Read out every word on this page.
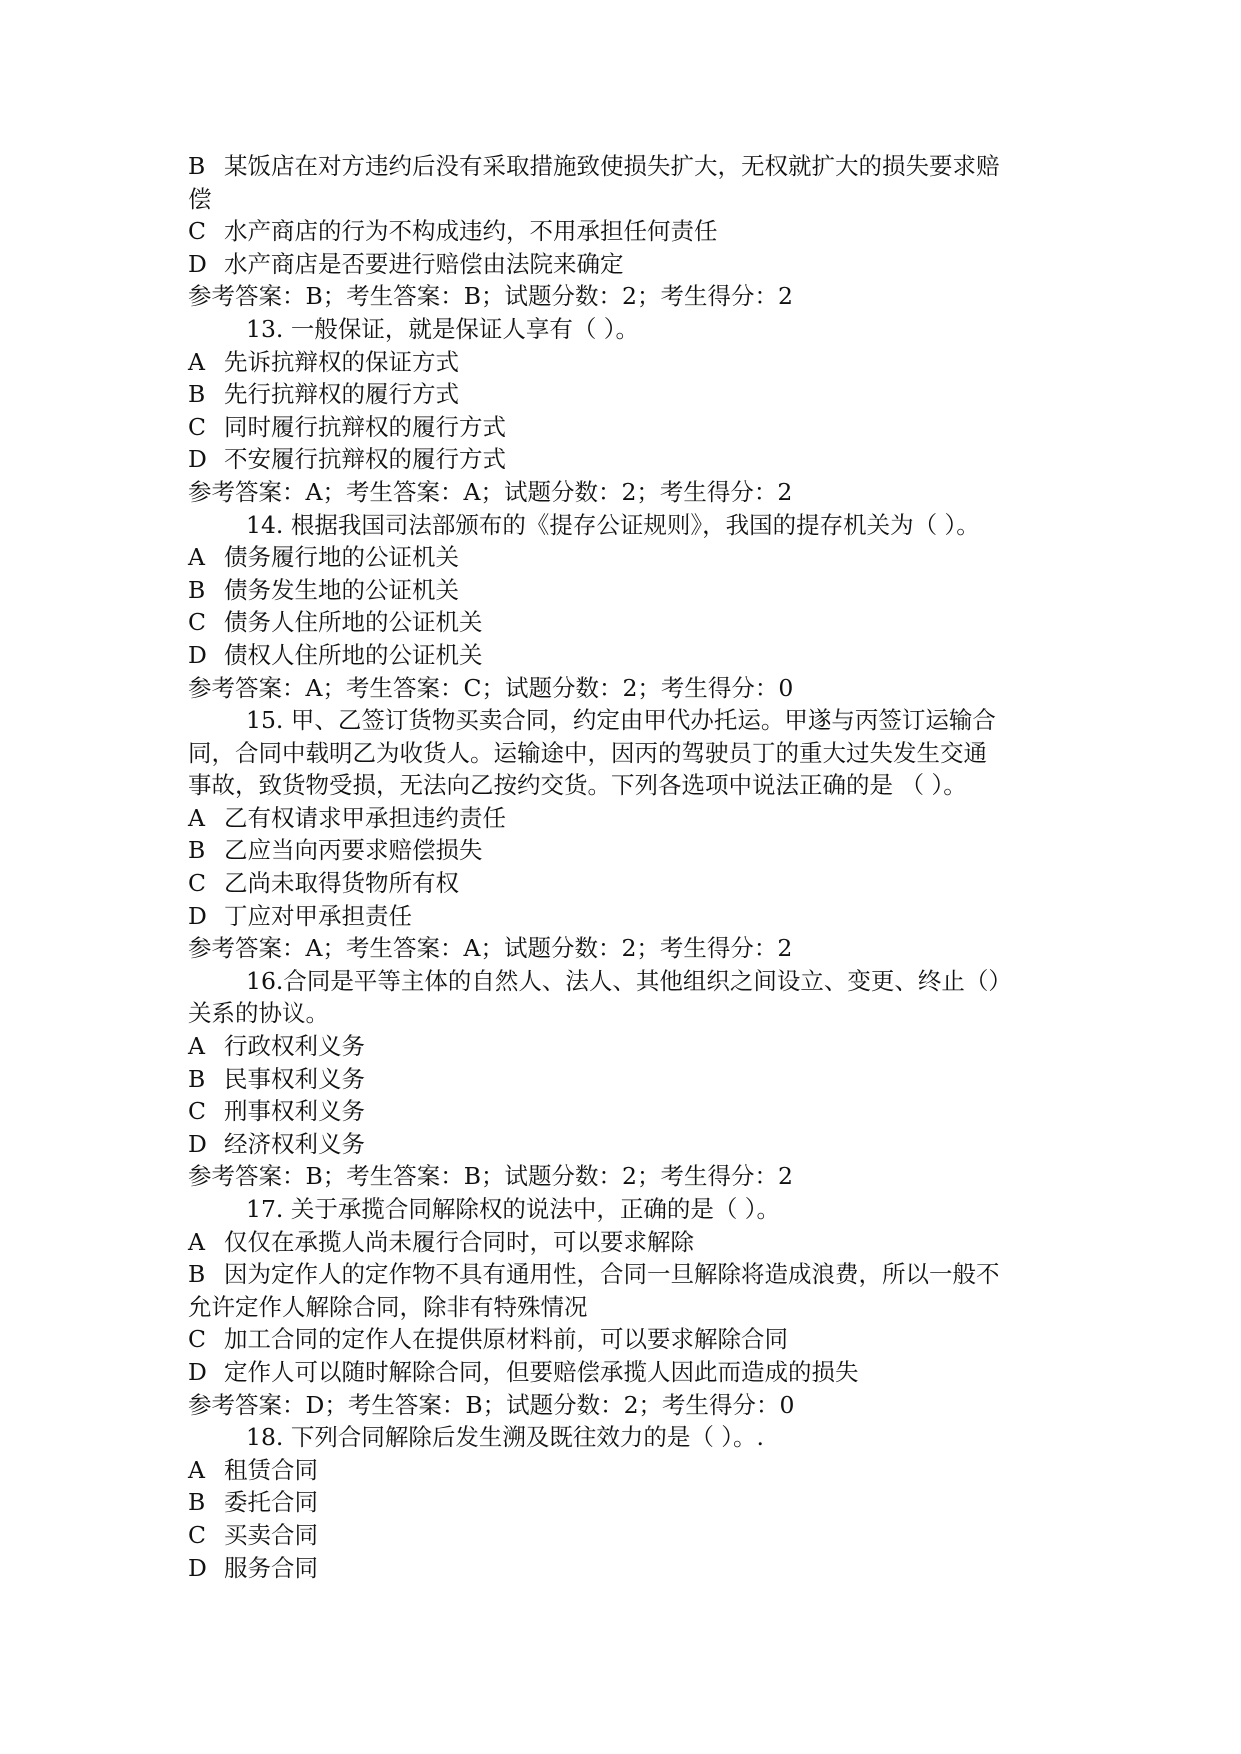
B 某饭店在对方违约后没有采取措施致使损失扩大，无权就扩大的损失要求赔
偿
C 水产商店的行为不构成违约，不用承担任何责任
D 水产商店是否要进行赔偿由法院来确定
参考答案：B；考生答案：B；试题分数：2；考生得分：2
13. 一般保证，就是保证人享有（ ）。
A 先诉抗辩权的保证方式
B 先行抗辩权的履行方式
C 同时履行抗辩权的履行方式
D 不安履行抗辩权的履行方式
参考答案：A；考生答案：A；试题分数：2；考生得分：2
14. 根据我国司法部颁布的《提存公证规则》，我国的提存机关为（ ）。
A 债务履行地的公证机关
B 债务发生地的公证机关
C 债务人住所地的公证机关
D 债权人住所地的公证机关
参考答案：A；考生答案：C；试题分数：2；考生得分：0
15. 甲、乙签订货物买卖合同，约定由甲代办托运。甲遂与丙签订运输合
同，合同中载明乙为收货人。运输途中，因丙的驾驶员丁的重大过失发生交通
事故，致货物受损，无法向乙按约交货。下列各选项中说法正确的是 （ ）。
A 乙有权请求甲承担违约责任
B 乙应当向丙要求赔偿损失
C 乙尚未取得货物所有权
D 丁应对甲承担责任
参考答案：A；考生答案：A；试题分数：2；考生得分：2
16.合同是平等主体的自然人、法人、其他组织之间设立、变更、终止（）
关系的协议。
A 行政权利义务
B 民事权利义务
C 刑事权利义务
D 经济权利义务
参考答案：B；考生答案：B；试题分数：2；考生得分：2
17. 关于承揽合同解除权的说法中，正确的是（ ）。
A 仅仅在承揽人尚未履行合同时，可以要求解除
B 因为定作人的定作物不具有通用性，合同一旦解除将造成浪费，所以一般不
允许定作人解除合同，除非有特殊情况
C 加工合同的定作人在提供原材料前，可以要求解除合同
D 定作人可以随时解除合同，但要赔偿承揽人因此而造成的损失
参考答案：D；考生答案：B；试题分数：2；考生得分：0
18. 下列合同解除后发生溯及既往效力的是（ ）。.
A 租赁合同
B 委托合同
C 买卖合同
D 服务合同
